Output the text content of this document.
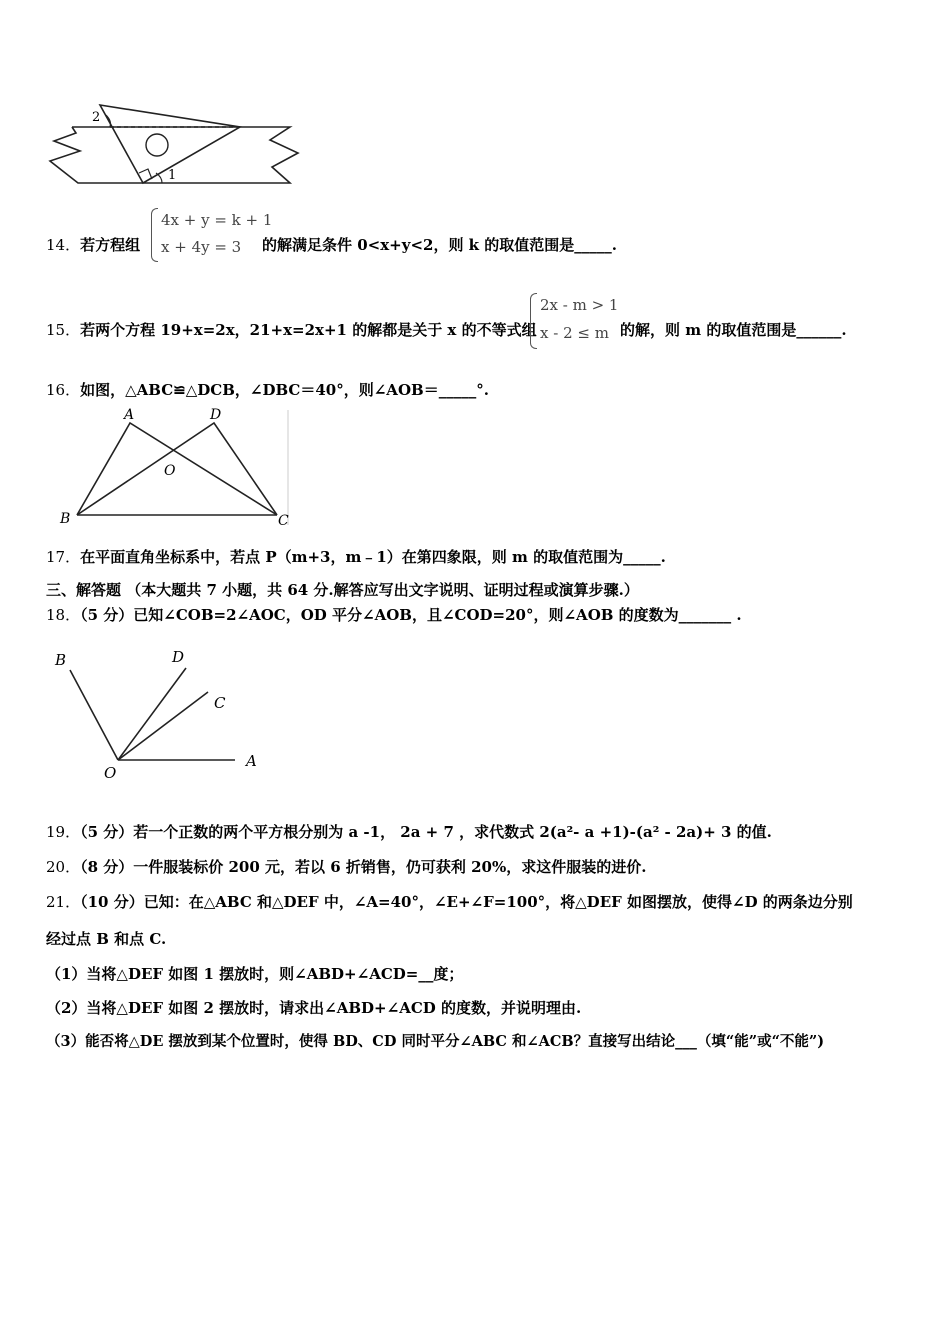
2
1
14．若方程组
4x + y = k + 1
x + 4y = 3 的解满足条件 0<x+y<2，则 k 的取值范围是_____.
15．若两个方程 19+x=2x，21+x=2x+1 的解都是关于 x 的不等式组
2x - m > 1
x - 2 ≤ m 的解，则 m 的取值范围是______.
16．如图，△ABC≌△DCB，∠DBC＝40°，则∠AOB＝_____°.
A	D
O
B	C
17．在平面直角坐标系中，若点 P（m+3，m﹣1）在第四象限，则 m 的取值范围为_____.
三、解答题 （本大题共 7 小题，共 64 分.解答应写出文字说明、证明过程或演算步骤.）
18．（5 分）已知∠COB=2∠AOC，OD 平分∠AOB，且∠COD=20°，则∠AOB 的度数为_______ .
B	D
C
O
A
19．（5 分）若一个正数的两个平方根分别为 a -1， 2a + 7 ，求代数式 2(a²- a +1)-(a² - 2a)+ 3 的值.
20．（8 分）一件服装标价 200 元，若以 6 折销售，仍可获利 20%，求这件服装的进价.
21．（10 分）已知：在△ABC 和△DEF 中，∠A=40°，∠E+∠F=100°，将△DEF 如图摆放，使得∠D 的两条边分别
经过点 B 和点 C.
（1）当将△DEF 如图 1 摆放时，则∠ABD+∠ACD=__度；
（2）当将△DEF 如图 2 摆放时，请求出∠ABD+∠ACD 的度数，并说明理由.
（3）能否将△DE 摆放到某个位置时，使得 BD、CD 同时平分∠ABC 和∠ACB？直接写出结论___（填“能”或“不能”)
